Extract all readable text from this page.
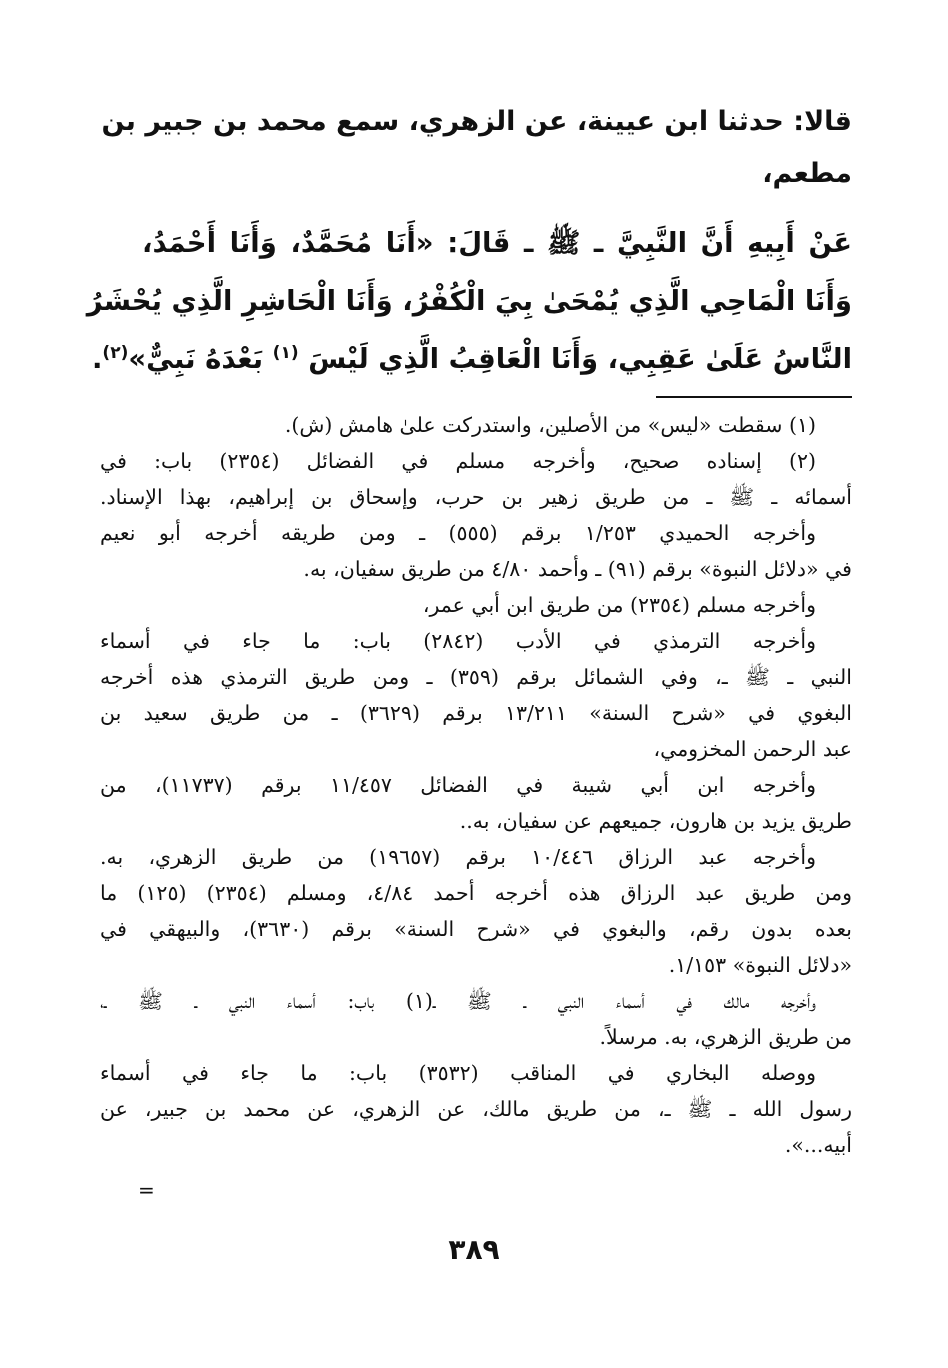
قالا: حدثنا ابن عيينة، عن الزهري، سمع محمد بن جبير بن
مطعم،
عَنْ أَبِيهِ أَنَّ النَّبِيَّ ـ ﷺ ـ قَالَ: «أَنَا مُحَمَّدٌ، وَأَنَا أَحْمَدُ،
وَأَنَا الْمَاحِي الَّذِي يُمْحَىٰ بِيَ الْكُفْرُ، وَأَنَا الْحَاشِرِ الَّذِي يُحْشَرُ
النَّاسُ عَلَىٰ عَقِبِي، وَأَنَا الْعَاقِبُ الَّذِي لَيْسَ $^{(١)}$ بَعْدَهُ نَبِيٌّ»$^{(٢)}$.
(١) سقطت «ليس» من الأصلين، واستدركت علىٰ هامش (ش).
(٢) إسناده صحيح، وأخرجه مسلم في الفضائل (٢٣٥٤) باب: في
أسمائه ـ ﷺ ـ من طريق زهير بن حرب، وإسحاق بن إبراهيم، بهذا الإسناد.
وأخرجه الحميدي ١/٢٥٣ برقم (٥٥٥) ـ ومن طريقه أخرجه أبو نعيم
في «دلائل النبوة» برقم (٩١) ـ وأحمد ٤/٨٠ من طريق سفيان، به.
وأخرجه مسلم (٢٣٥٤) من طريق ابن أبي عمر،
وأخرجه الترمذي في الأدب (٢٨٤٢) باب: ما جاء في أسماء
النبي ـ ﷺ ـ، وفي الشمائل برقم (٣٥٩) ـ ومن طريق الترمذي هذه أخرجه
البغوي في «شرح السنة» ١٣/٢١١ برقم (٣٦٢٩) ـ من طريق سعيد بن
عبد الرحمن المخزومي،
وأخرجه ابن أبي شيبة في الفضائل ١١/٤٥٧ برقم (١١٧٣٧)، من
طريق يزيد بن هارون، جميعهم عن سفيان، به..
وأخرجه عبد الرزاق ١٠/٤٤٦ برقم (١٩٦٥٧) من طريق الزهري، به.
ومن طريق عبد الرزاق هذه أخرجه أحمد ٤/٨٤، ومسلم (٢٣٥٤) (١٢٥) ما
بعده بدون رقم، والبغوي في «شرح السنة» برقم (٣٦٣٠)، والبيهقي في
«دلائل النبوة» ١/١٥٣.
وأخرجه مالك في أسماء النبي ـ ﷺ ـ(١) باب: أسماء النبي ـ ﷺ ـ،
من طريق الزهري، به. مرسلاً.
ووصله البخاري في المناقب (٣٥٣٢) باب: ما جاء في أسماء
رسول الله ـ ﷺ ـ، من طريق مالك، عن الزهري، عن محمد بن جبير، عن
أبيه...».
=
٣٨٩
